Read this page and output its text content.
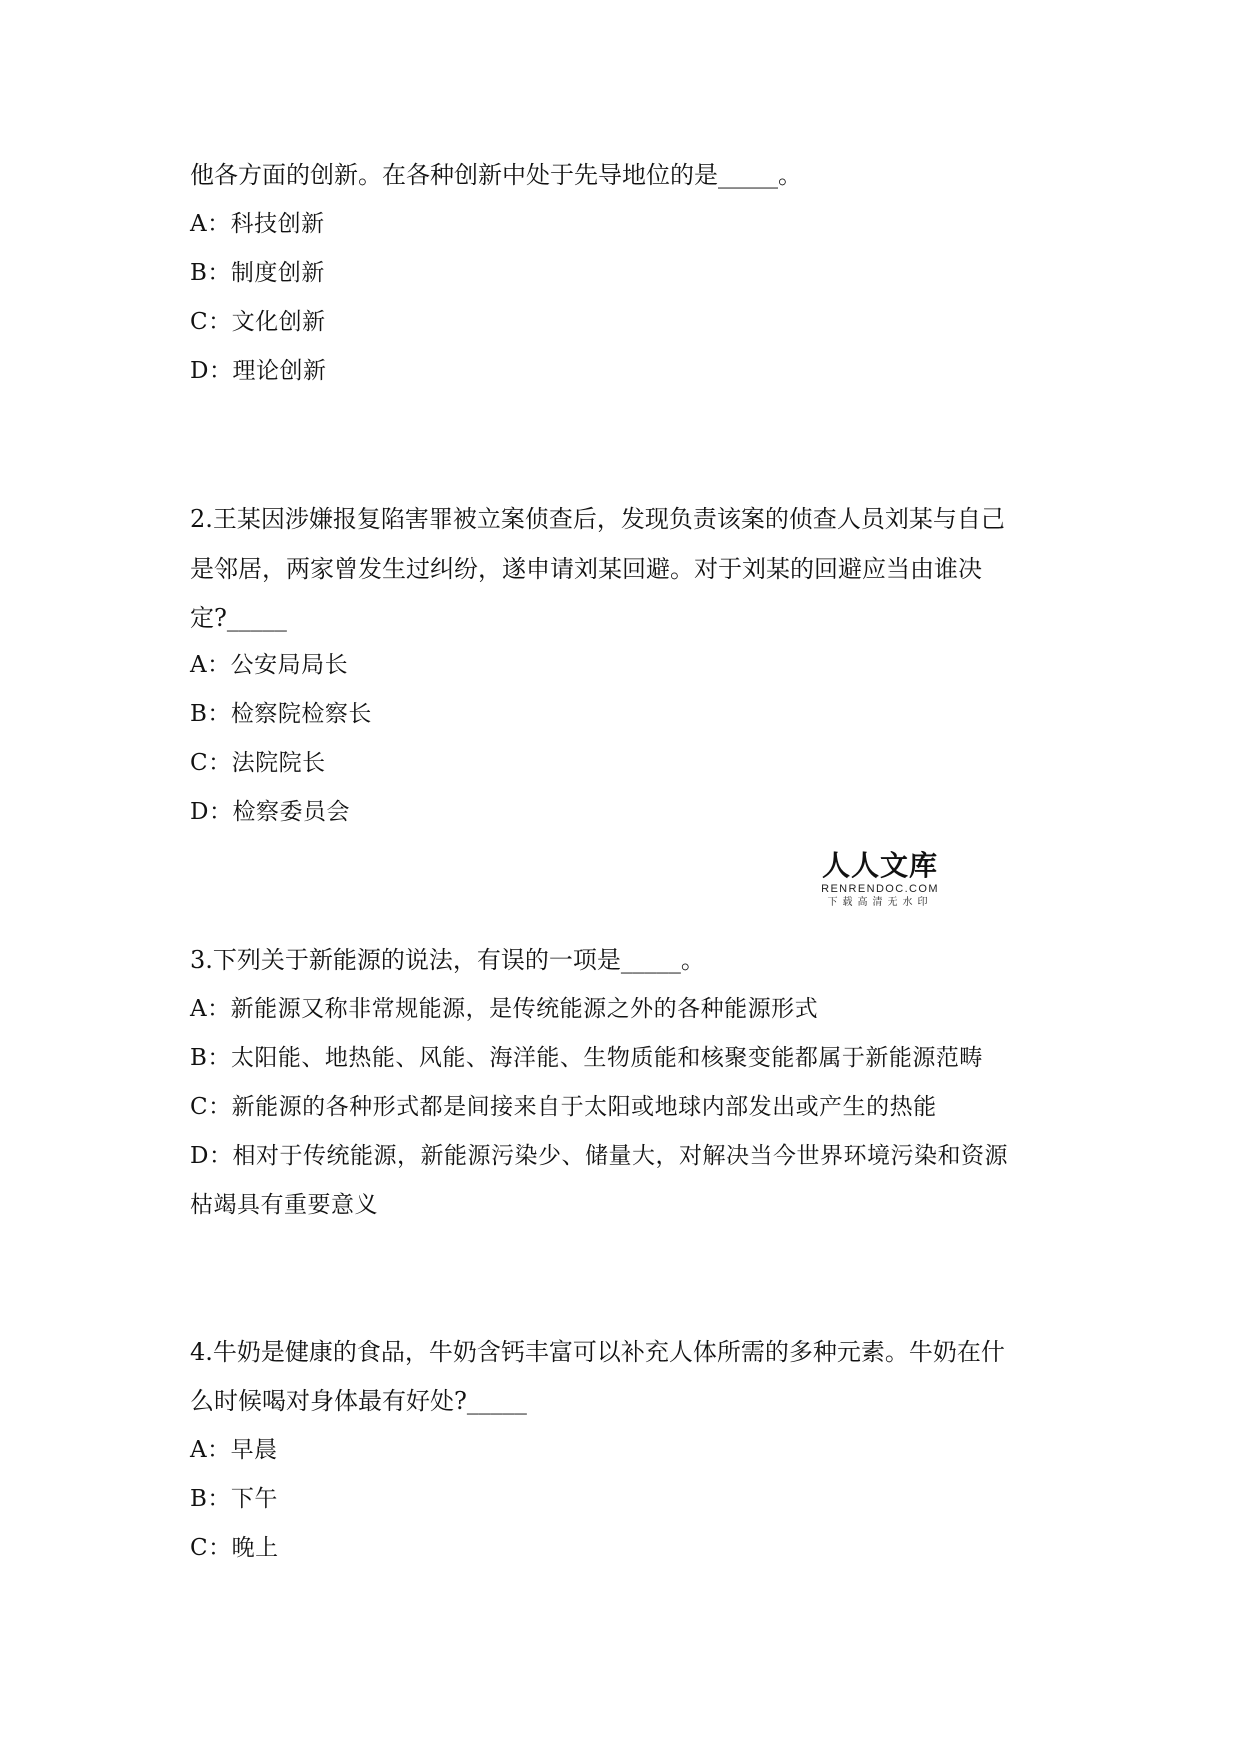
他各方面的创新。在各种创新中处于先导地位的是_____。
A：科技创新
B：制度创新
C：文化创新
D：理论创新
2.王某因涉嫌报复陷害罪被立案侦查后，发现负责该案的侦查人员刘某与自己
是邻居，两家曾发生过纠纷，遂申请刘某回避。对于刘某的回避应当由谁决
定?_____
A：公安局局长
B：检察院检察长
C：法院院长
D：检察委员会
人人文库
RENRENDOC.COM
下载高清无水印
3.下列关于新能源的说法，有误的一项是_____。
A：新能源又称非常规能源，是传统能源之外的各种能源形式
B：太阳能、地热能、风能、海洋能、生物质能和核聚变能都属于新能源范畴
C：新能源的各种形式都是间接来自于太阳或地球内部发出或产生的热能
D：相对于传统能源，新能源污染少、储量大，对解决当今世界环境污染和资源
枯竭具有重要意义
4.牛奶是健康的食品，牛奶含钙丰富可以补充人体所需的多种元素。牛奶在什
么时候喝对身体最有好处?_____
A：早晨
B：下午
C：晚上
